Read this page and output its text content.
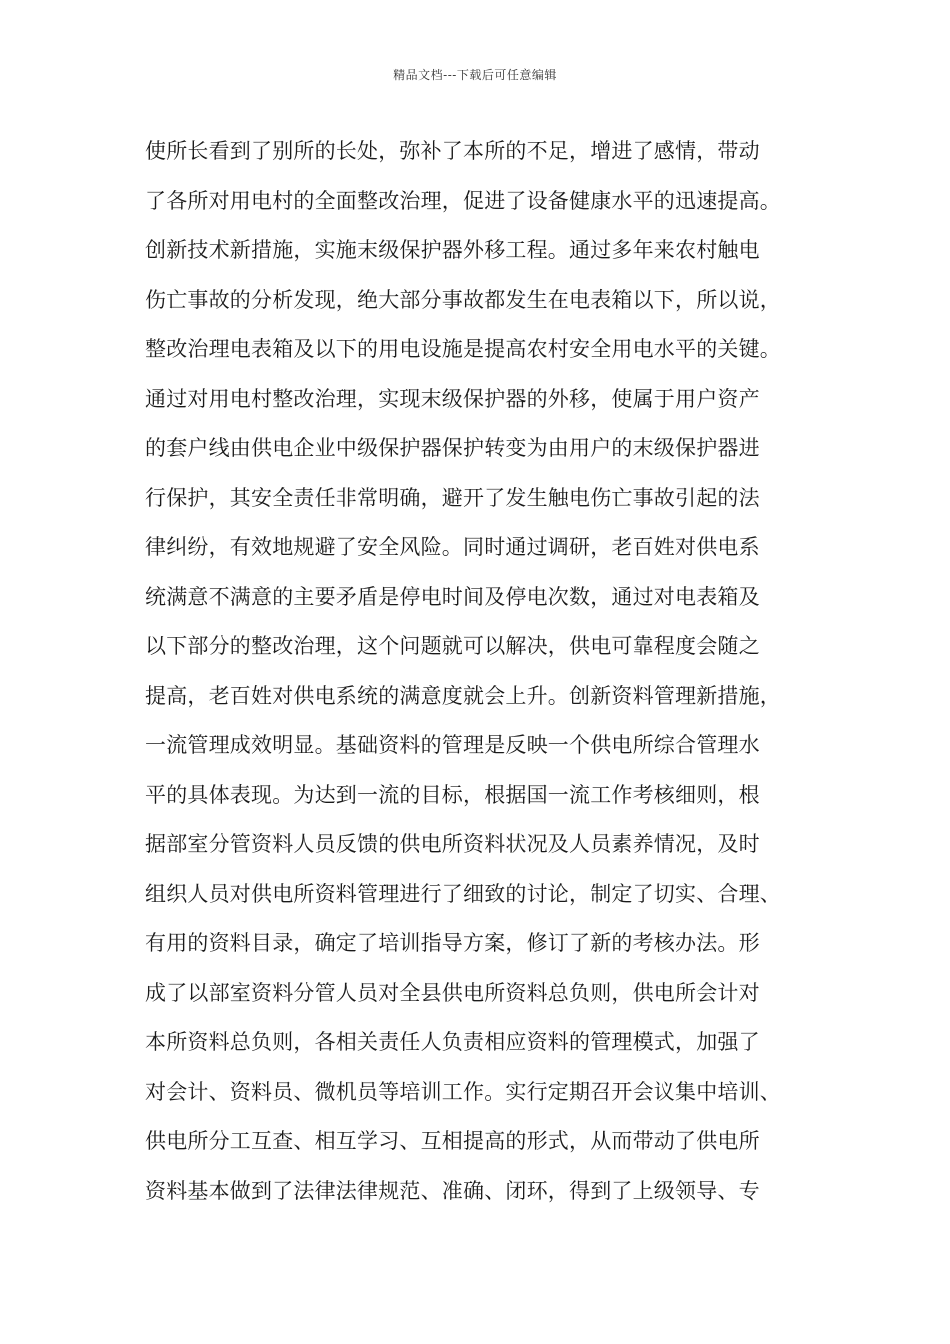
精品文档---下载后可任意编辑
使所长看到了别所的长处，弥补了本所的不足，增进了感情，带动
了各所对用电村的全面整改治理，促进了设备健康水平的迅速提高。
创新技术新措施，实施末级保护器外移工程。通过多年来农村触电
伤亡事故的分析发现，绝大部分事故都发生在电表箱以下，所以说，
整改治理电表箱及以下的用电设施是提高农村安全用电水平的关键。
通过对用电村整改治理，实现末级保护器的外移，使属于用户资产
的套户线由供电企业中级保护器保护转变为由用户的末级保护器进
行保护，其安全责任非常明确，避开了发生触电伤亡事故引起的法
律纠纷，有效地规避了安全风险。同时通过调研，老百姓对供电系
统满意不满意的主要矛盾是停电时间及停电次数，通过对电表箱及
以下部分的整改治理，这个问题就可以解决，供电可靠程度会随之
提高，老百姓对供电系统的满意度就会上升。创新资料管理新措施，
一流管理成效明显。基础资料的管理是反映一个供电所综合管理水
平的具体表现。为达到一流的目标，根据国一流工作考核细则，根
据部室分管资料人员反馈的供电所资料状况及人员素养情况，及时
组织人员对供电所资料管理进行了细致的讨论，制定了切实、合理、
有用的资料目录，确定了培训指导方案，修订了新的考核办法。形
成了以部室资料分管人员对全县供电所资料总负则，供电所会计对
本所资料总负则，各相关责任人负责相应资料的管理模式，加强了
对会计、资料员、微机员等培训工作。实行定期召开会议集中培训、
供电所分工互查、相互学习、互相提高的形式，从而带动了供电所
资料基本做到了法律法律规范、准确、闭环，得到了上级领导、专
